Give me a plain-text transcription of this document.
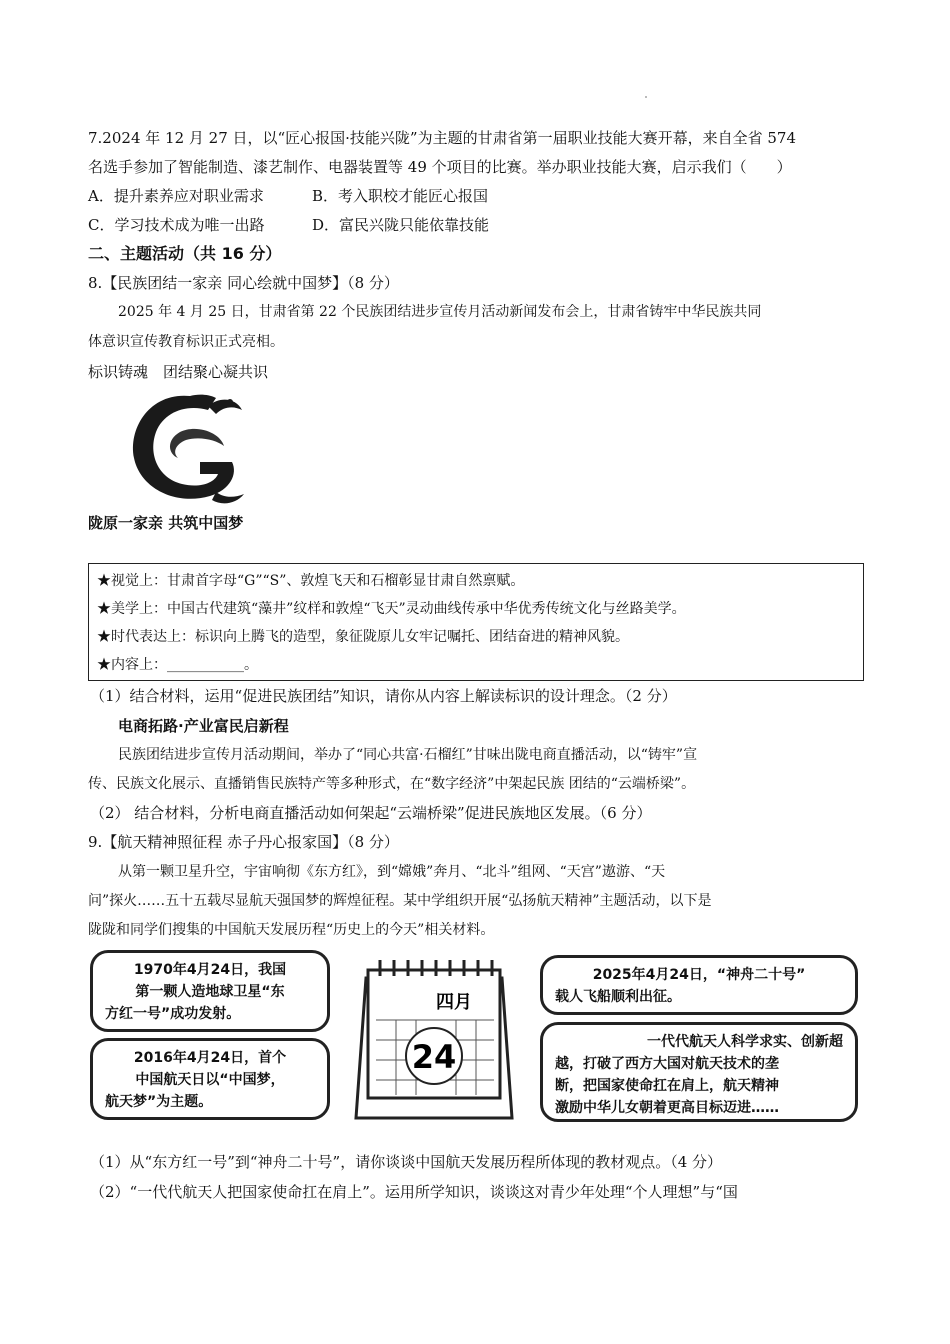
7.2024 年 12 月 27 日，以“匠心报国·技能兴陇”为主题的甘肃省第一届职业技能大赛开幕，来自全省 574
名选手参加了智能制造、漆艺制作、电器装置等 49 个项目的比赛。举办职业技能大赛，启示我们（　　）
A．提升素养应对职业需求	B．考入职校才能匠心报国
C．学习技术成为唯一出路	D．富民兴陇只能依靠技能
二、主题活动（共 16 分）
8.【民族团结一家亲 同心绘就中国梦】（8 分）
2025 年 4 月 25 日，甘肃省第 22 个民族团结进步宣传月活动新闻发布会上，甘肃省铸牢中华民族共同
体意识宣传教育标识正式亮相。
标识铸魂　团结聚心凝共识
陇原一家亲 共筑中国梦
★视觉上：甘肃首字母“G”“S”、敦煌飞天和石榴彰显甘肃自然禀赋。
★美学上：中国古代建筑“藻井”纹样和敦煌“飞天”灵动曲线传承中华优秀传统文化与丝路美学。
★时代表达上：标识向上腾飞的造型，象征陇原儿女牢记嘱托、团结奋进的精神风貌。
★内容上：___________。
（1）结合材料，运用“促进民族团结”知识，请你从内容上解读标识的设计理念。（2 分）
电商拓路·产业富民启新程
民族团结进步宣传月活动期间，举办了“同心共富·石榴红”甘味出陇电商直播活动，以“铸牢”宣
传、民族文化展示、直播销售民族特产等多种形式，在“数字经济”中架起民族 团结的“云端桥梁”。
（2） 结合材料，分析电商直播活动如何架起“云端桥梁”促进民族地区发展。（6 分）
9.【航天精神照征程 赤子丹心报家国】（8 分）
从第一颗卫星升空，宇宙响彻《东方红》，到“嫦娥”奔月、“北斗”组网、“天宫”遨游、“天
问”探火……五十五载尽显航天强国梦的辉煌征程。某中学组织开展“弘扬航天精神”主题活动，以下是
陇陇和同学们搜集的中国航天发展历程“历史上的今天”相关材料。
1970年4月24日，我国
第一颗人造地球卫星“东
方红一号”成功发射。
2016年4月24日，首个
中国航天日以“中国梦，
航天梦”为主题。
四月
24
2025年4月24日，“神舟二十号”
载人飞船顺利出征。
一代代航天人科学求实、创新超
越，打破了西方大国对航天技术的垄
断，把国家使命扛在肩上，航天精神
激励中华儿女朝着更高目标迈进……
（1）从“东方红一号”到“神舟二十号”，请你谈谈中国航天发展历程所体现的教材观点。（4 分）
（2）“一代代航天人把国家使命扛在肩上”。运用所学知识，谈谈这对青少年处理“个人理想”与“国
